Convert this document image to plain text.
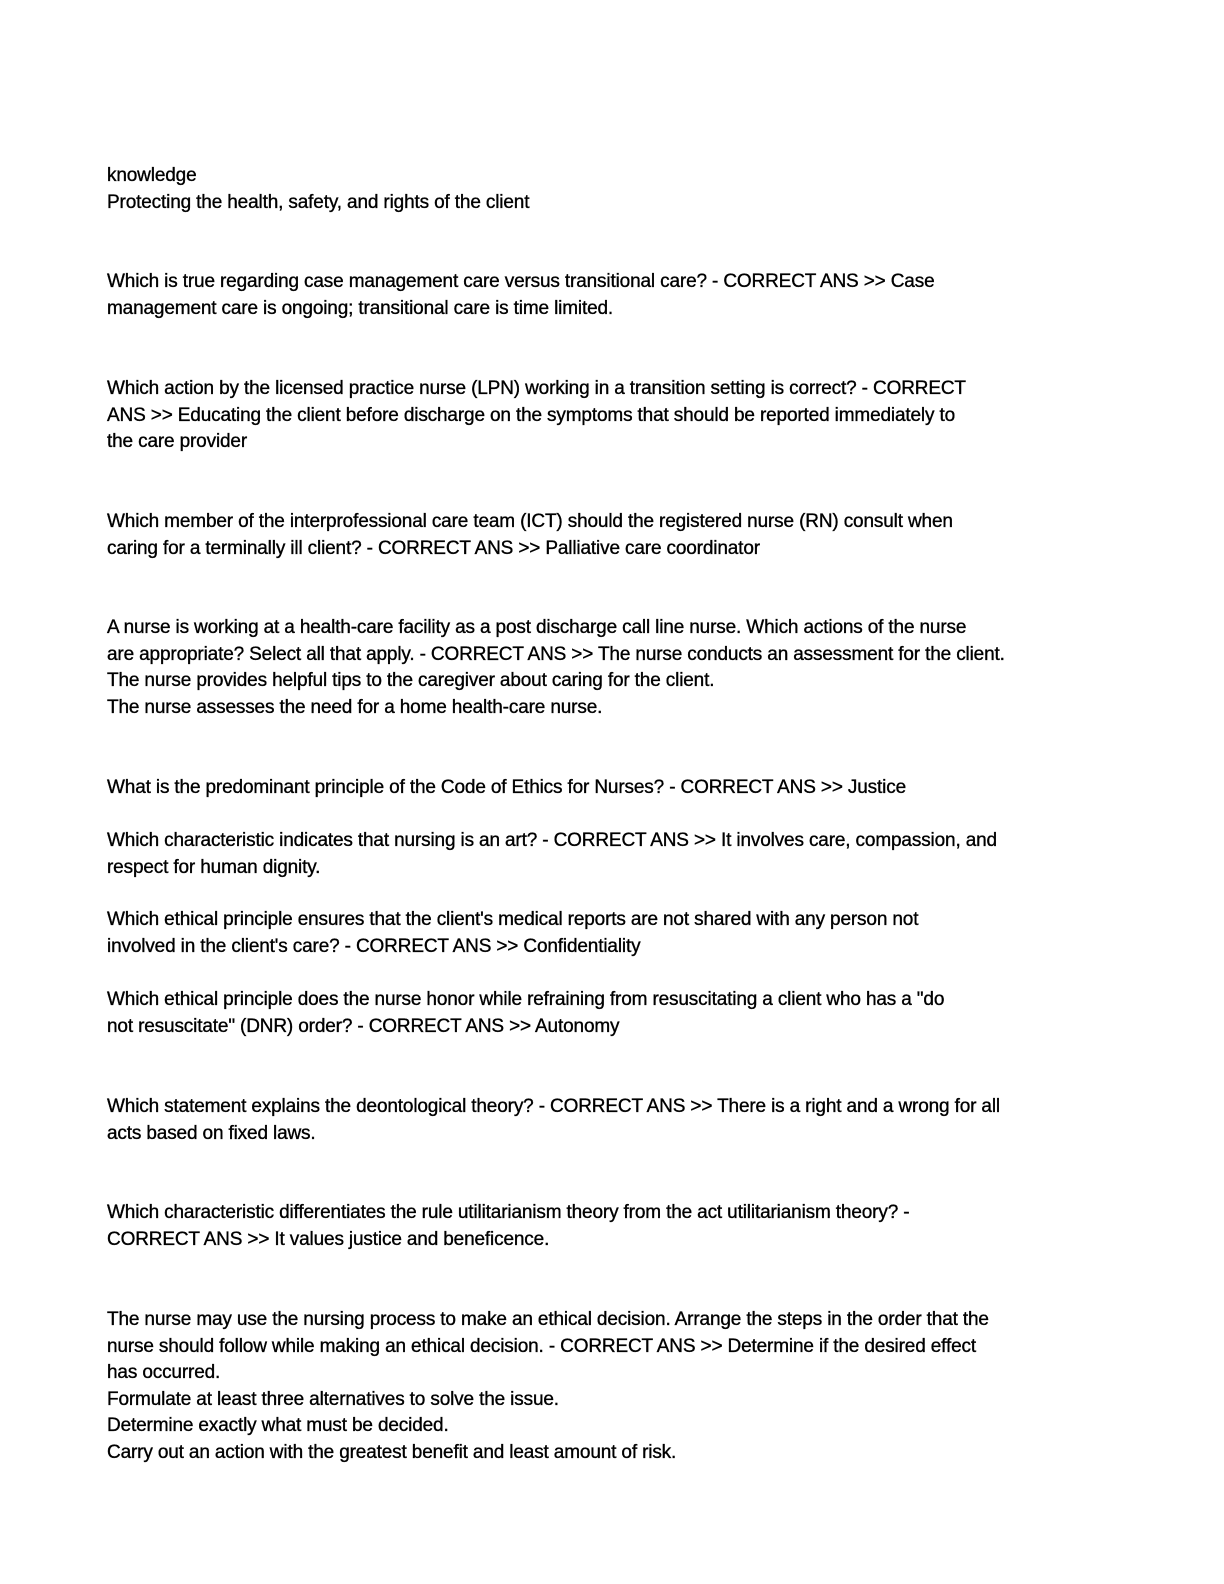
knowledge
Protecting the health, safety, and rights of the client
Which is true regarding case management care versus transitional care? - CORRECT ANS >> Case
management care is ongoing; transitional care is time limited.
Which action by the licensed practice nurse (LPN) working in a transition setting is correct? - CORRECT
ANS >> Educating the client before discharge on the symptoms that should be reported immediately to
the care provider
Which member of the interprofessional care team (ICT) should the registered nurse (RN) consult when
caring for a terminally ill client? - CORRECT ANS >> Palliative care coordinator
A nurse is working at a health-care facility as a post discharge call line nurse. Which actions of the nurse
are appropriate? Select all that apply. - CORRECT ANS >> The nurse conducts an assessment for the client.
The nurse provides helpful tips to the caregiver about caring for the client.
The nurse assesses the need for a home health-care nurse.
What is the predominant principle of the Code of Ethics for Nurses? - CORRECT ANS >> Justice
Which characteristic indicates that nursing is an art? - CORRECT ANS >> It involves care, compassion, and
respect for human dignity.
Which ethical principle ensures that the client's medical reports are not shared with any person not
involved in the client's care? - CORRECT ANS >> Confidentiality
Which ethical principle does the nurse honor while refraining from resuscitating a client who has a "do
not resuscitate" (DNR) order? - CORRECT ANS >> Autonomy
Which statement explains the deontological theory? - CORRECT ANS >> There is a right and a wrong for all
acts based on fixed laws.
Which characteristic differentiates the rule utilitarianism theory from the act utilitarianism theory? -
CORRECT ANS >> It values justice and beneficence.
The nurse may use the nursing process to make an ethical decision. Arrange the steps in the order that the
nurse should follow while making an ethical decision. - CORRECT ANS >> Determine if the desired effect
has occurred.
Formulate at least three alternatives to solve the issue.
Determine exactly what must be decided.
Carry out an action with the greatest benefit and least amount of risk.
